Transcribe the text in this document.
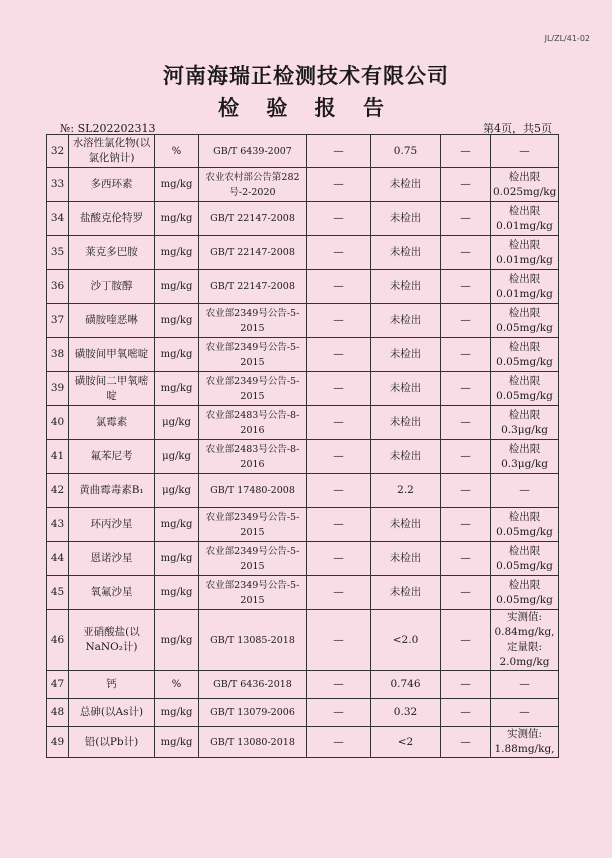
JL/ZL/41-02
河南海瑞正检测技术有限公司
检 验 报 告
№: SL202202313	第4页，共5页
32	水溶性氯化物(以氯化钠计)	%	GB/T 6439-2007	—	0.75	—	—
33	多西环素	mg/kg	农业农村部公告第282号-2-2020	—	未检出	—	检出限 0.025mg/kg
34	盐酸克伦特罗	mg/kg	GB/T 22147-2008	—	未检出	—	检出限 0.01mg/kg
35	莱克多巴胺	mg/kg	GB/T 22147-2008	—	未检出	—	检出限 0.01mg/kg
36	沙丁胺醇	mg/kg	GB/T 22147-2008	—	未检出	—	检出限 0.01mg/kg
37	磺胺喹恶啉	mg/kg	农业部2349号公告-5-2015	—	未检出	—	检出限 0.05mg/kg
38	磺胺间甲氧嘧啶	mg/kg	农业部2349号公告-5-2015	—	未检出	—	检出限 0.05mg/kg
39	磺胺间二甲氧嘧啶	mg/kg	农业部2349号公告-5-2015	—	未检出	—	检出限 0.05mg/kg
40	氯霉素	μg/kg	农业部2483号公告-8-2016	—	未检出	—	检出限 0.3μg/kg
41	氟苯尼考	μg/kg	农业部2483号公告-8-2016	—	未检出	—	检出限 0.3μg/kg
42	黄曲霉毒素B₁	μg/kg	GB/T 17480-2008	—	2.2	—	—
43	环丙沙星	mg/kg	农业部2349号公告-5-2015	—	未检出	—	检出限 0.05mg/kg
44	恩诺沙星	mg/kg	农业部2349号公告-5-2015	—	未检出	—	检出限 0.05mg/kg
45	氧氟沙星	mg/kg	农业部2349号公告-5-2015	—	未检出	—	检出限 0.05mg/kg
46	亚硝酸盐(以NaNO₂计)	mg/kg	GB/T 13085-2018	—	<2.0	—	实测值: 0.84mg/kg, 定量限: 2.0mg/kg
47	钙	%	GB/T 6436-2018	—	0.746	—	—
48	总砷(以As计)	mg/kg	GB/T 13079-2006	—	0.32	—	—
49	铅(以Pb计)	mg/kg	GB/T 13080-2018	—	<2	—	实测值: 1.88mg/kg,
